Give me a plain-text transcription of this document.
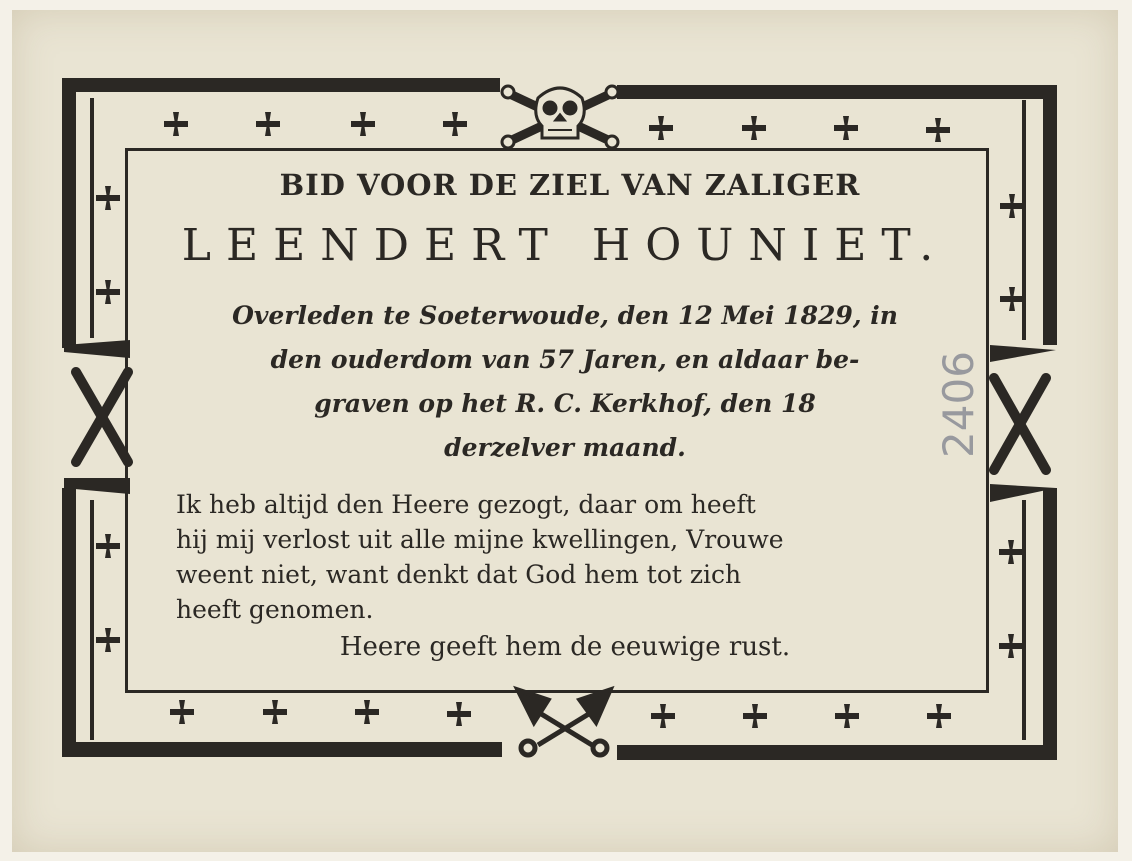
BID VOOR DE ZIEL VAN ZALIGER
LEENDERT HOUNIET.
Overleden te Soeterwoude, den 12 Mei 1829, in
den ouderdom van 57 Jaren, en aldaar be-
graven op het R. C. Kerkhof, den 18
derzelver maand.
Ik heb altijd den Heere gezogt, daar om heeft
hij mij verlost uit alle mijne kwellingen, Vrouwe
weent niet, want denkt dat God hem tot zich
heeft genomen.
Heere geeft hem de eeuwige rust.
2406
